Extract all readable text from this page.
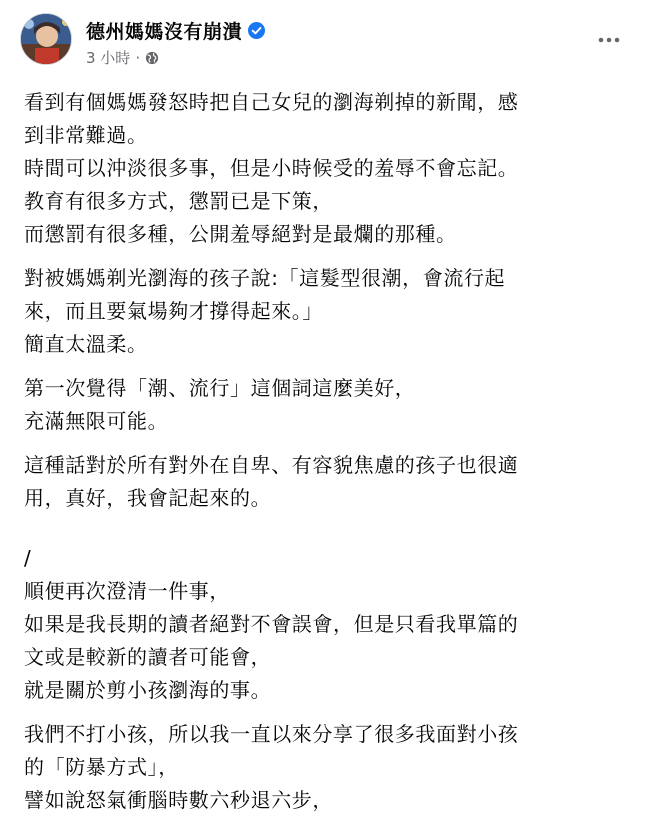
德州媽媽沒有崩潰
3 小時 ·
看到有個媽媽發怒時把自己女兒的瀏海剃掉的新聞，感
到非常難過。
時間可以沖淡很多事，但是小時候受的羞辱不會忘記。
教育有很多方式，懲罰已是下策，
而懲罰有很多種，公開羞辱絕對是最爛的那種。
對被媽媽剃光瀏海的孩子說:「這髮型很潮，會流行起
來，而且要氣場夠才撐得起來。」
簡直太溫柔。
第一次覺得「潮、流行」這個詞這麼美好，
充滿無限可能。
這種話對於所有對外在自卑、有容貌焦慮的孩子也很適
用，真好，我會記起來的。
/
順便再次澄清一件事，
如果是我長期的讀者絕對不會誤會，但是只看我單篇的
文或是較新的讀者可能會，
就是關於剪小孩瀏海的事。
我們不打小孩，所以我一直以來分享了很多我面對小孩
的「防暴方式」，
譬如說怒氣衝腦時數六秒退六步，
